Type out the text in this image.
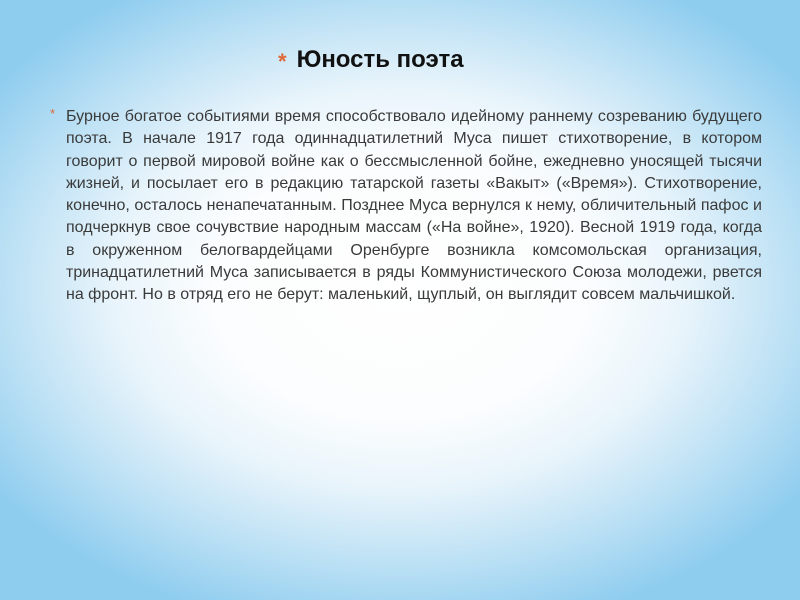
* Юность поэта
* Бурное богатое событиями время способствовало идейному раннему созреванию будущего поэта. В начале 1917 года одиннадцатилетний Муса пишет стихотворение, в котором говорит о первой мировой войне как о бессмысленной бойне, ежедневно уносящей тысячи жизней, и посылает его в редакцию татарской газеты «Вакыт» («Время»). Стихотворение, конечно, осталось ненапечатанным. Позднее Муса вернулся к нему, обличительный пафос и подчеркнув свое сочувствие народным массам («На войне», 1920). Весной 1919 года, когда в окруженном белогвардейцами Оренбурге возникла комсомольская организация, тринадцатилетний Муса записывается в ряды Коммунистического Союза молодежи, рвется на фронт. Но в отряд его не берут: маленький, щуплый, он выглядит совсем мальчишкой.
